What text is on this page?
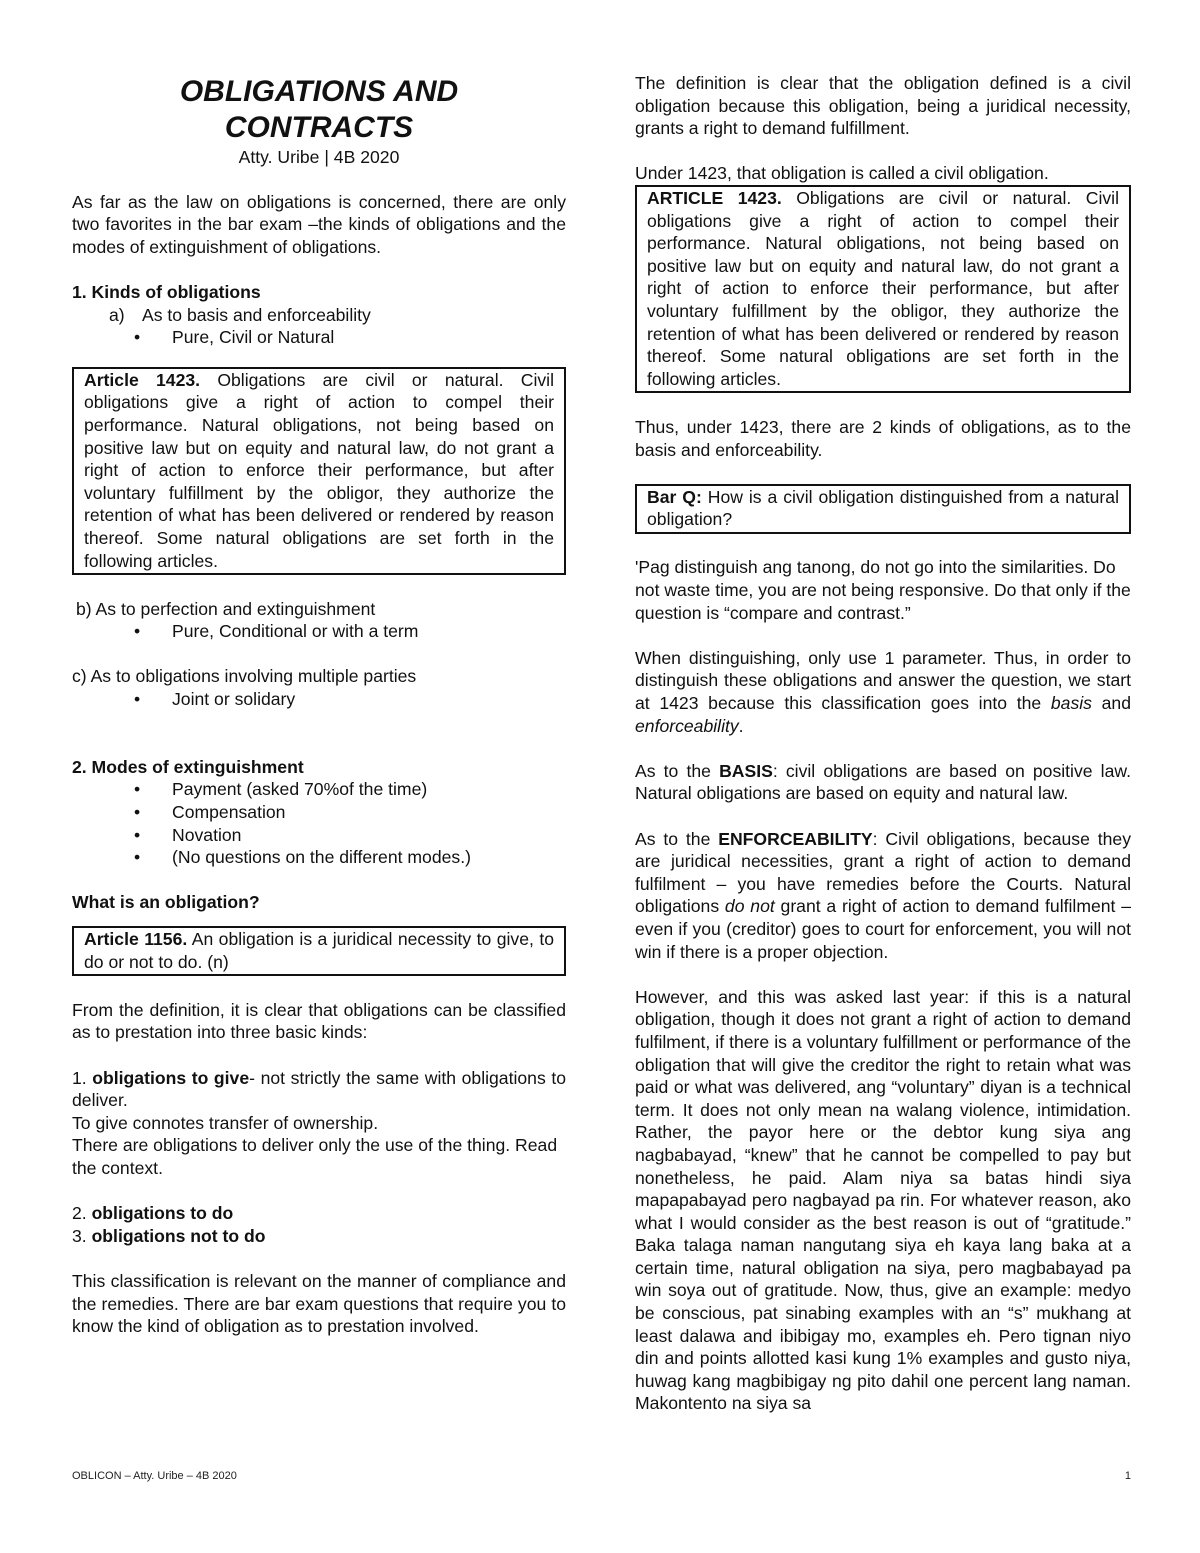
OBLIGATIONS AND
CONTRACTS
Atty. Uribe | 4B 2020

As far as the law on obligations is concerned, there are only two favorites in the bar exam –the kinds of obligations and the modes of extinguishment of obligations.

1. Kinds of obligations

a) As to basis and enforceability
• Pure, Civil or Natural
Article 1423. Obligations are civil or natural. Civil obligations give a right of action to compel their performance. Natural obligations, not being based on positive law but on equity and natural law, do not grant a right of action to enforce their performance, but after voluntary fulfillment by the obligor, they authorize the retention of what has been delivered or rendered by reason thereof. Some natural obligations are set forth in the following articles.

b) As to perfection and extinguishment

• Pure, Conditional or with a term

c) As to obligations involving multiple parties

• Joint or solidary

2. Modes of extinguishment

• Payment (asked 70%of the time)
• Compensation
• Novation
• (No questions on the different modes.)

What is an obligation?

Article 1156. An obligation is a juridical necessity to give, to do or not to do. (n)

From the definition, it is clear that obligations can be classified as to prestation into three basic kinds:

1. obligations to give- not strictly the same with obligations to deliver.

To give connotes transfer of ownership.

There are obligations to deliver only the use of the thing. Read the context.

2. obligations to do

3. obligations not to do

This classification is relevant on the manner of compliance and the remedies. There are bar exam questions that require you to know the kind of obligation as to prestation involved.

The definition is clear that the obligation defined is a civil obligation because this obligation, being a juridical necessity, grants a right to demand fulfillment.

Under 1423, that obligation is called a civil obligation.

ARTICLE 1423. Obligations are civil or natural. Civil obligations give a right of action to compel their performance. Natural obligations, not being based on positive law but on equity and natural law, do not grant a right of action to enforce their performance, but after voluntary fulfillment by the obligor, they authorize the retention of what has been delivered or rendered by reason thereof. Some natural obligations are set forth in the following articles.

Thus, under 1423, there are 2 kinds of obligations, as to the basis and enforceability.

Bar Q: How is a civil obligation distinguished from a natural obligation?

'Pag distinguish ang tanong, do not go into the similarities. Do not waste time, you are not being responsive. Do that only if the question is “compare and contrast.”

When distinguishing, only use 1 parameter. Thus, in order to distinguish these obligations and answer the question, we start at 1423 because this classification goes into the basis and enforceability.

As to the BASIS: civil obligations are based on positive law. Natural obligations are based on equity and natural law.

As to the ENFORCEABILITY: Civil obligations, because they are juridical necessities, grant a right of action to demand fulfilment – you have remedies before the Courts. Natural obligations do not grant a right of action to demand fulfilment – even if you (creditor) goes to court for enforcement, you will not win if there is a proper objection.

However, and this was asked last year: if this is a natural obligation, though it does not grant a right of action to demand fulfilment, if there is a voluntary fulfillment or performance of the obligation that will give the creditor the right to retain what was paid or what was delivered, ang “voluntary” diyan is a technical term. It does not only mean na walang violence, intimidation. Rather, the payor here or the debtor kung siya ang nagbabayad, “knew” that he cannot be compelled to pay but nonetheless, he paid. Alam niya sa batas hindi siya mapapabayad pero nagbayad pa rin. For whatever reason, ako what I would consider as the best reason is out of “gratitude.” Baka talaga naman nangutang siya eh kaya lang baka at a certain time, natural obligation na siya, pero magbabayad pa win soya out of gratitude. Now, thus, give an example: medyo be conscious, pat sinabing examples with an “s” mukhang at least dalawa and ibibigay mo, examples eh. Pero tignan niyo din and points allotted kasi kung 1% examples and gusto niya, huwag kang magbibigay ng pito dahil one percent lang naman. Makontento na siya sa

OBLICON – Atty. Uribe – 4B 2020	1
